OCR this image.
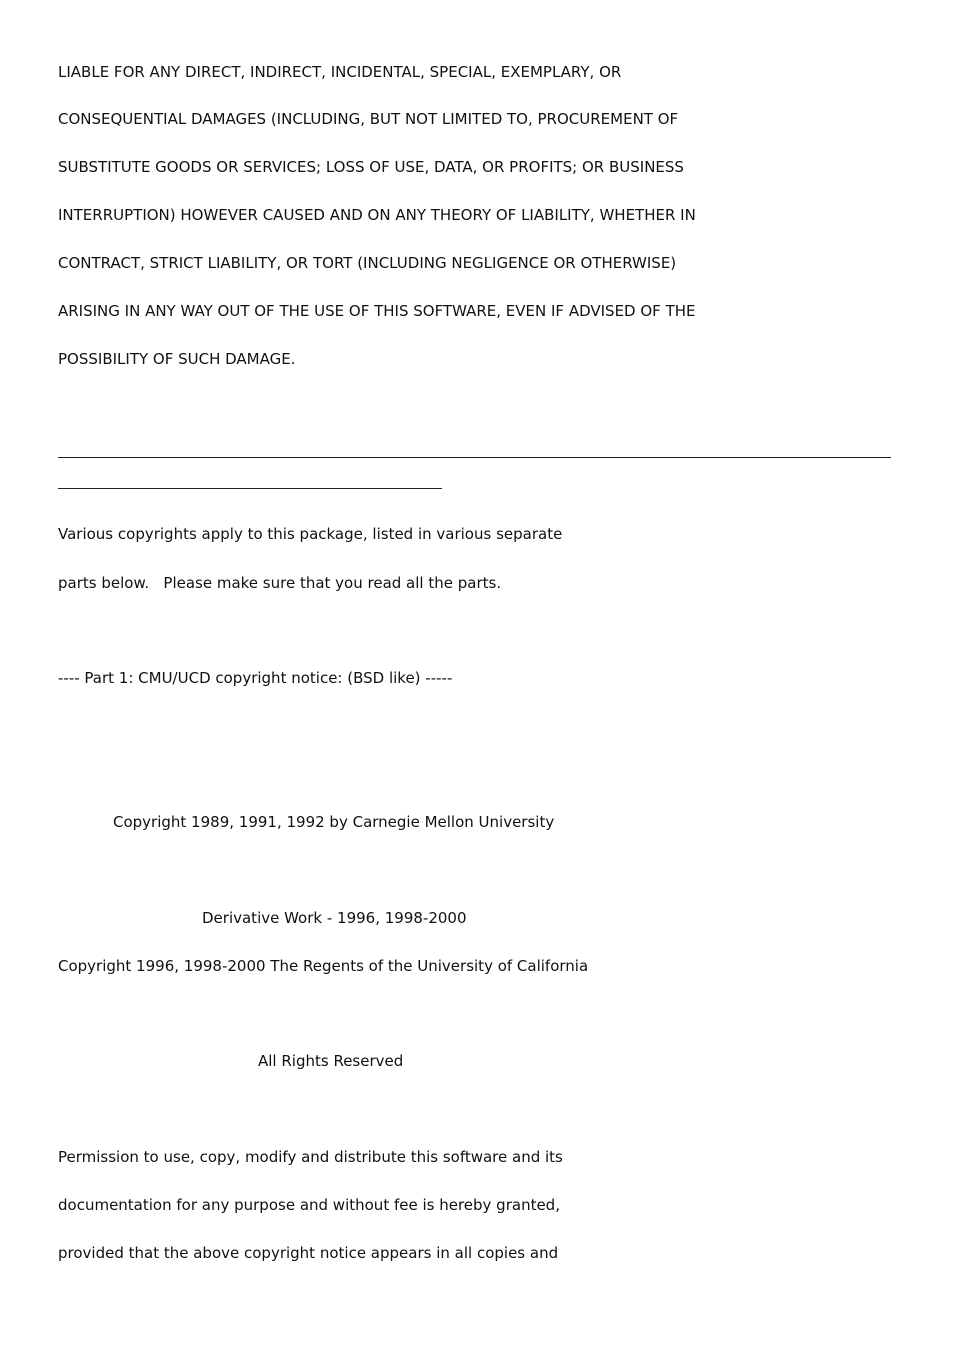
LIABLE FOR ANY DIRECT, INDIRECT, INCIDENTAL, SPECIAL, EXEMPLARY, OR
CONSEQUENTIAL DAMAGES (INCLUDING, BUT NOT LIMITED TO, PROCUREMENT OF
SUBSTITUTE GOODS OR SERVICES; LOSS OF USE, DATA, OR PROFITS; OR BUSINESS
INTERRUPTION) HOWEVER CAUSED AND ON ANY THEORY OF LIABILITY, WHETHER IN
CONTRACT, STRICT LIABILITY, OR TORT (INCLUDING NEGLIGENCE OR OTHERWISE)
ARISING IN ANY WAY OUT OF THE USE OF THIS SOFTWARE, EVEN IF ADVISED OF THE
POSSIBILITY OF SUCH DAMAGE.
Various copyrights apply to this package, listed in various separate
parts below.   Please make sure that you read all the parts.
---- Part 1: CMU/UCD copyright notice: (BSD like) -----
Copyright 1989, 1991, 1992 by Carnegie Mellon University
Derivative Work - 1996, 1998-2000
Copyright 1996, 1998-2000 The Regents of the University of California
All Rights Reserved
Permission to use, copy, modify and distribute this software and its
documentation for any purpose and without fee is hereby granted,
provided that the above copyright notice appears in all copies and
